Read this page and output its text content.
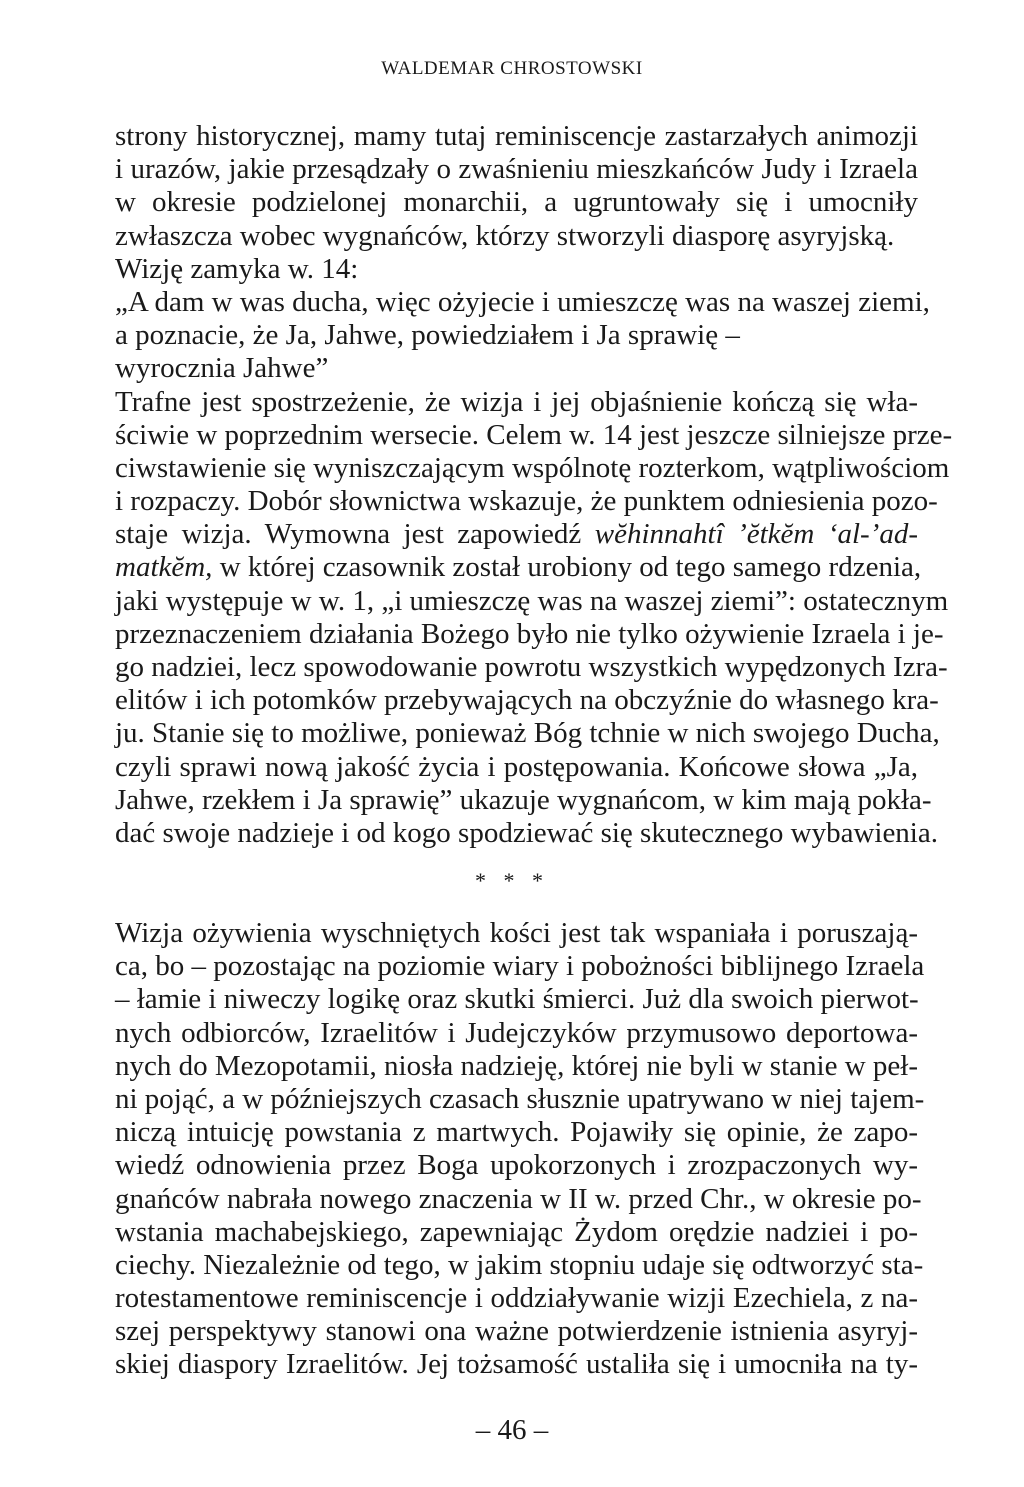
WALDEMAR CHROSTOWSKI
strony historycznej, mamy tutaj reminiscencje zastarzałych animozji
i urazów, jakie przesądzały o zwaśnieniu mieszkańców Judy i Izraela
w okresie podzielonej monarchii, a ugruntowały się i umocniły
zwłaszcza wobec wygnańców, którzy stworzyli diasporę asyryjską.
Wizję zamyka w. 14:
„A dam w was ducha, więc ożyjecie i umieszczę was na waszej ziemi,
a poznacie, że Ja, Jahwe, powiedziałem i Ja sprawię –
wyrocznia Jahwe”
Trafne jest spostrzeżenie, że wizja i jej objaśnienie kończą się wła-
ściwie w poprzednim wersecie. Celem w. 14 jest jeszcze silniejsze prze-
ciwstawienie się wyniszczającym wspólnotę rozterkom, wątpliwościom
i rozpaczy. Dobór słownictwa wskazuje, że punktem odniesienia pozo-
staje wizja. Wymowna jest zapowiedź wĕhinnahtî ’ĕtkĕm ‘al-’ad-
matkĕm, w której czasownik został urobiony od tego samego rdzenia,
jaki występuje w w. 1, „i umieszczę was na waszej ziemi”: ostatecznym
przeznaczeniem działania Bożego było nie tylko ożywienie Izraela i je-
go nadziei, lecz spowodowanie powrotu wszystkich wypędzonych Izra-
elitów i ich potomków przebywających na obczyźnie do własnego kra-
ju. Stanie się to możliwe, ponieważ Bóg tchnie w nich swojego Ducha,
czyli sprawi nową jakość życia i postępowania. Końcowe słowa „Ja,
Jahwe, rzekłem i Ja sprawię” ukazuje wygnańcom, w kim mają pokła-
dać swoje nadzieje i od kogo spodziewać się skutecznego wybawienia.
* * *
Wizja ożywienia wyschniętych kości jest tak wspaniała i poruszają-
ca, bo – pozostając na poziomie wiary i pobożności biblijnego Izraela
– łamie i niweczy logikę oraz skutki śmierci. Już dla swoich pierwot-
nych odbiorców, Izraelitów i Judejczyków przymusowo deportowa-
nych do Mezopotamii, niosła nadzieję, której nie byli w stanie w peł-
ni pojąć, a w późniejszych czasach słusznie upatrywano w niej tajem-
niczą intuicję powstania z martwych. Pojawiły się opinie, że zapo-
wiedź odnowienia przez Boga upokorzonych i zrozpaczonych wy-
gnańców nabrała nowego znaczenia w II w. przed Chr., w okresie po-
wstania machabejskiego, zapewniając Żydom orędzie nadziei i po-
ciechy. Niezależnie od tego, w jakim stopniu udaje się odtworzyć sta-
rotestamentowe reminiscencje i oddziaływanie wizji Ezechiela, z na-
szej perspektywy stanowi ona ważne potwierdzenie istnienia asyryj-
skiej diaspory Izraelitów. Jej tożsamość ustaliła się i umocniła na ty-
– 46 –
